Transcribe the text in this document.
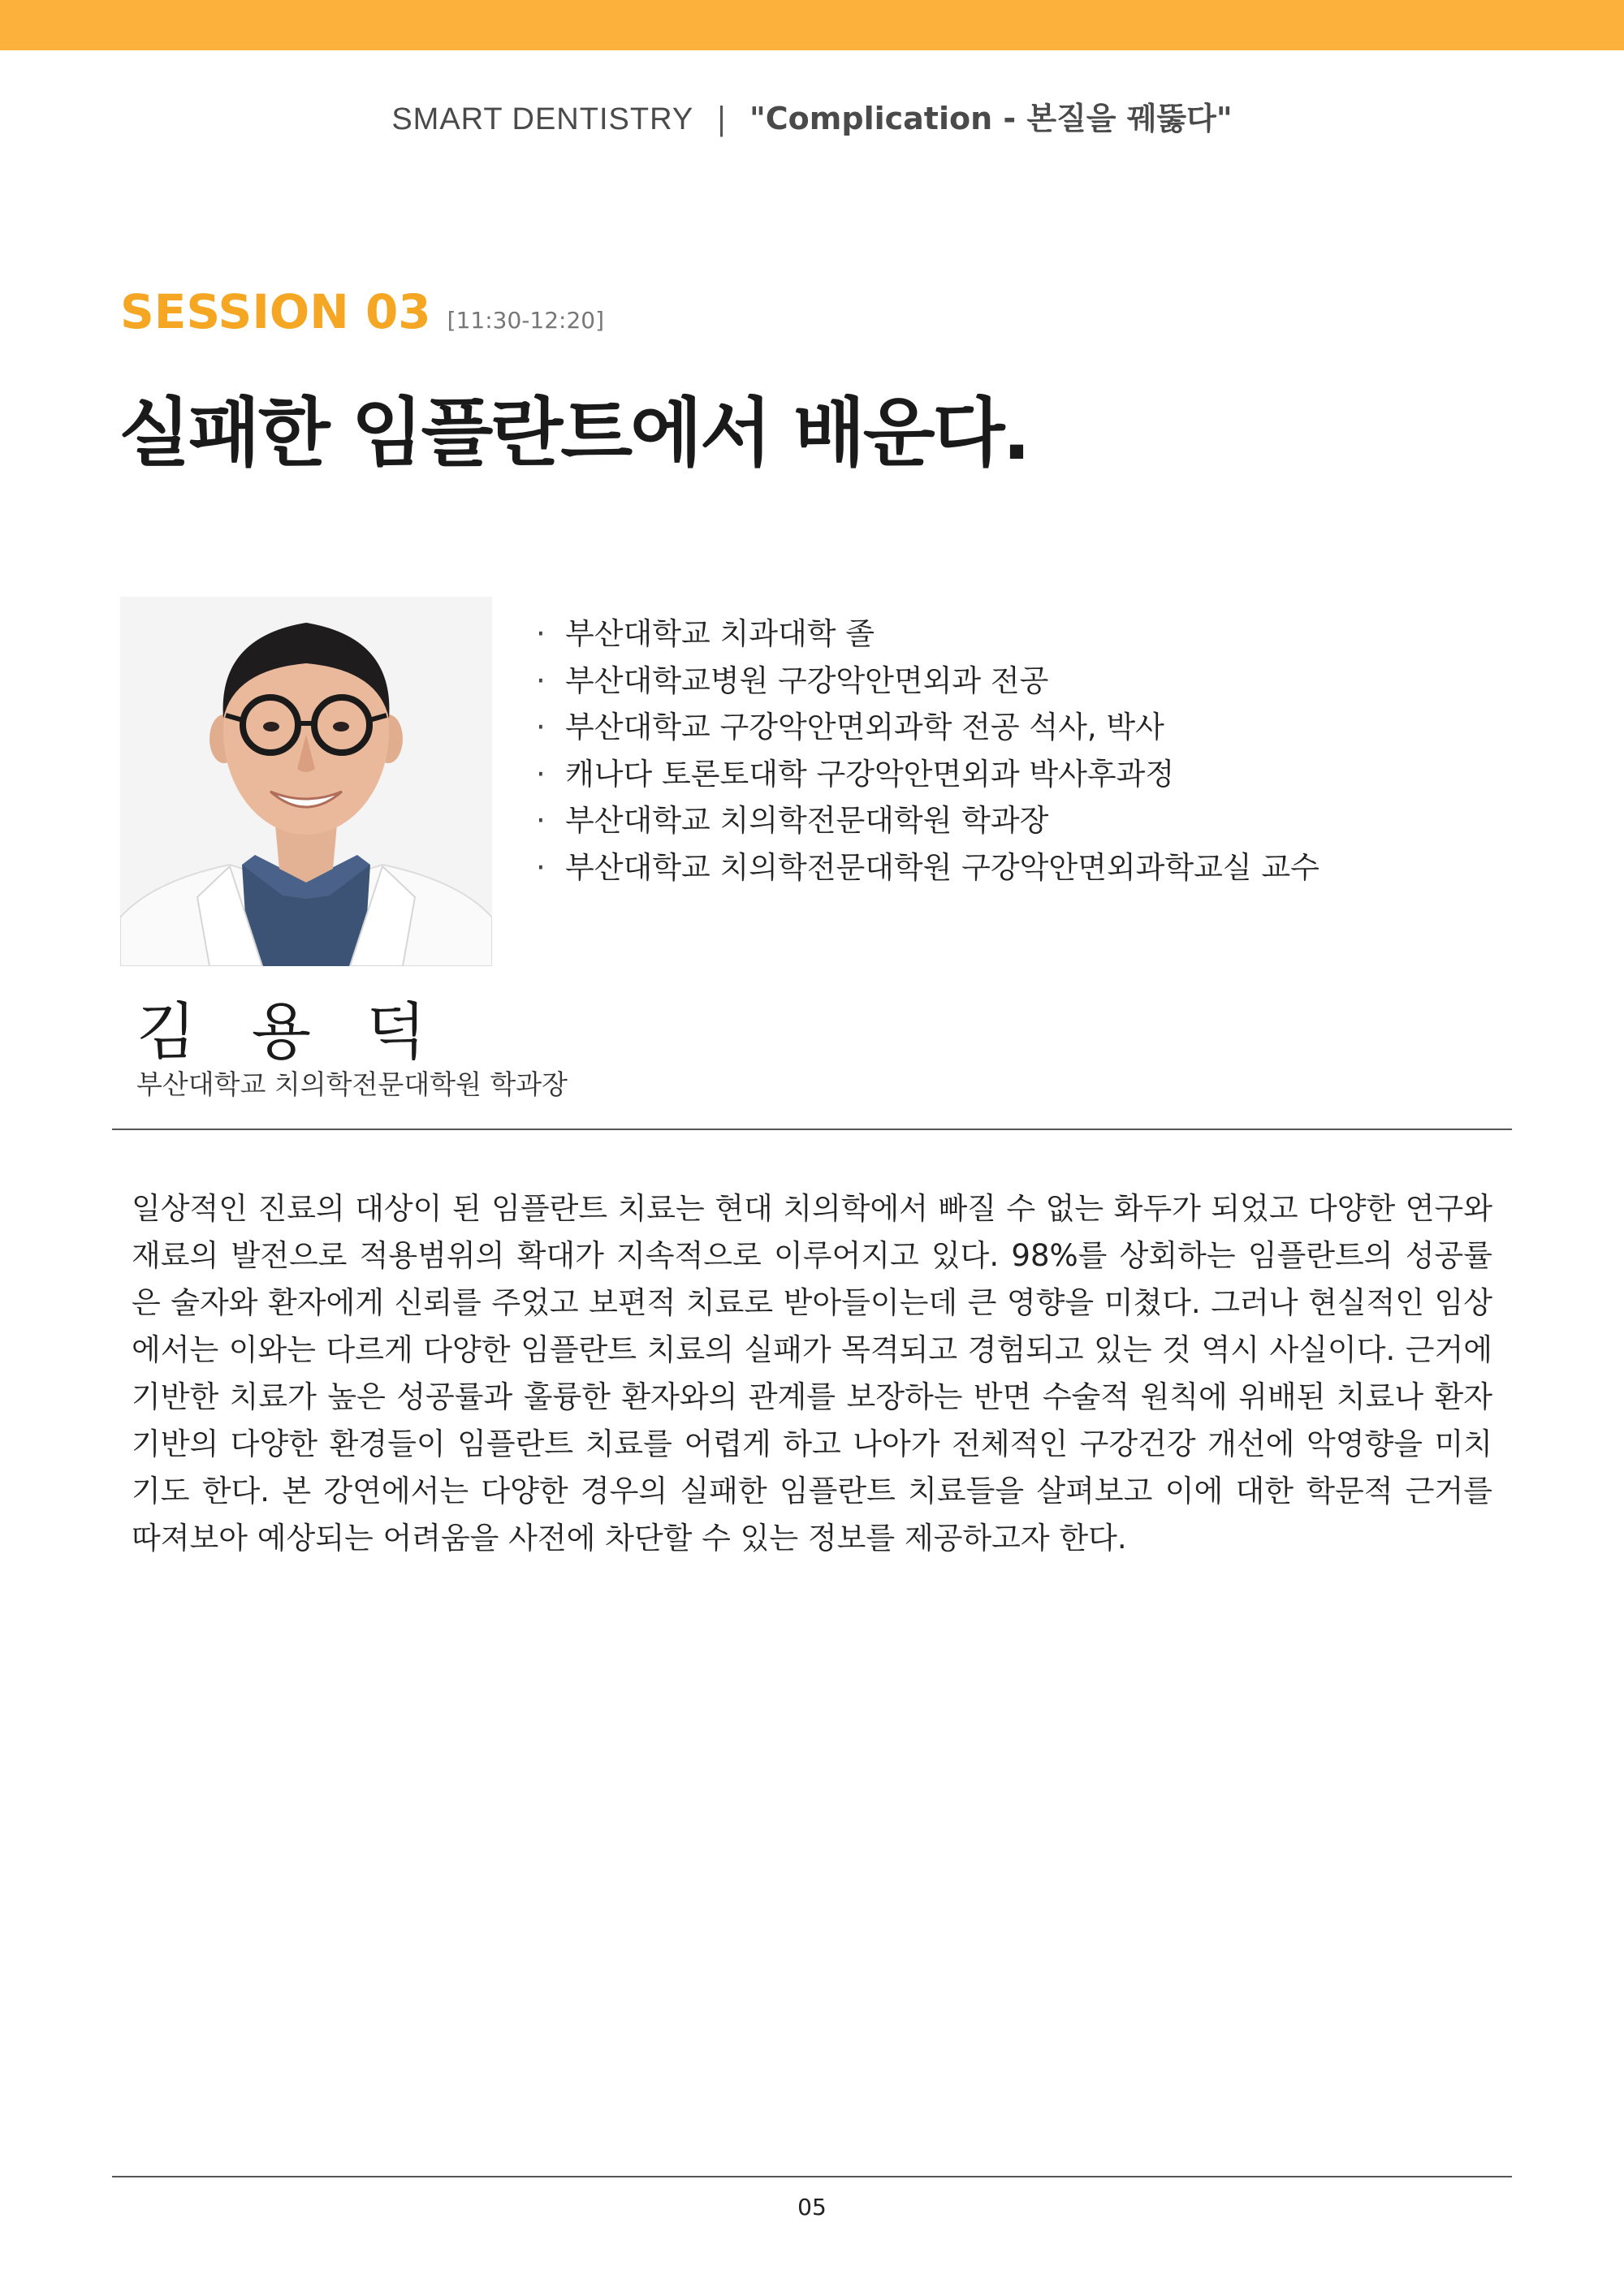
SMART DENTISTRY | "Complication - 본질을 꿰뚫다"
SESSION 03 [11:30-12:20]
실패한 임플란트에서 배운다.
· 부산대학교 치과대학 졸
· 부산대학교병원 구강악안면외과 전공
· 부산대학교 구강악안면외과학 전공 석사, 박사
· 캐나다 토론토대학 구강악안면외과 박사후과정
· 부산대학교 치의학전문대학원 학과장
· 부산대학교 치의학전문대학원 구강악안면외과학교실 교수
김 용 덕
부산대학교 치의학전문대학원 학과장

일상적인 진료의 대상이 된 임플란트 치료는 현대 치의학에서 빠질 수 없는 화두가 되었고 다양한 연구와 재료의 발전으로 적용범위의 확대가 지속적으로 이루어지고 있다. 98%를 상회하는 임플란트의 성공률은 술자와 환자에게 신뢰를 주었고 보편적 치료로 받아들이는데 큰 영향을 미쳤다. 그러나 현실적인 임상에서는 이와는 다르게 다양한 임플란트 치료의 실패가 목격되고 경험되고 있는 것 역시 사실이다. 근거에 기반한 치료가 높은 성공률과 훌륭한 환자와의 관계를 보장하는 반면 수술적 원칙에 위배된 치료나 환자 기반의 다양한 환경들이 임플란트 치료를 어렵게 하고 나아가 전체적인 구강건강 개선에 악영향을 미치기도 한다. 본 강연에서는 다양한 경우의 실패한 임플란트 치료들을 살펴보고 이에 대한 학문적 근거를 따져보아 예상되는 어려움을 사전에 차단할 수 있는 정보를 제공하고자 한다.

05
